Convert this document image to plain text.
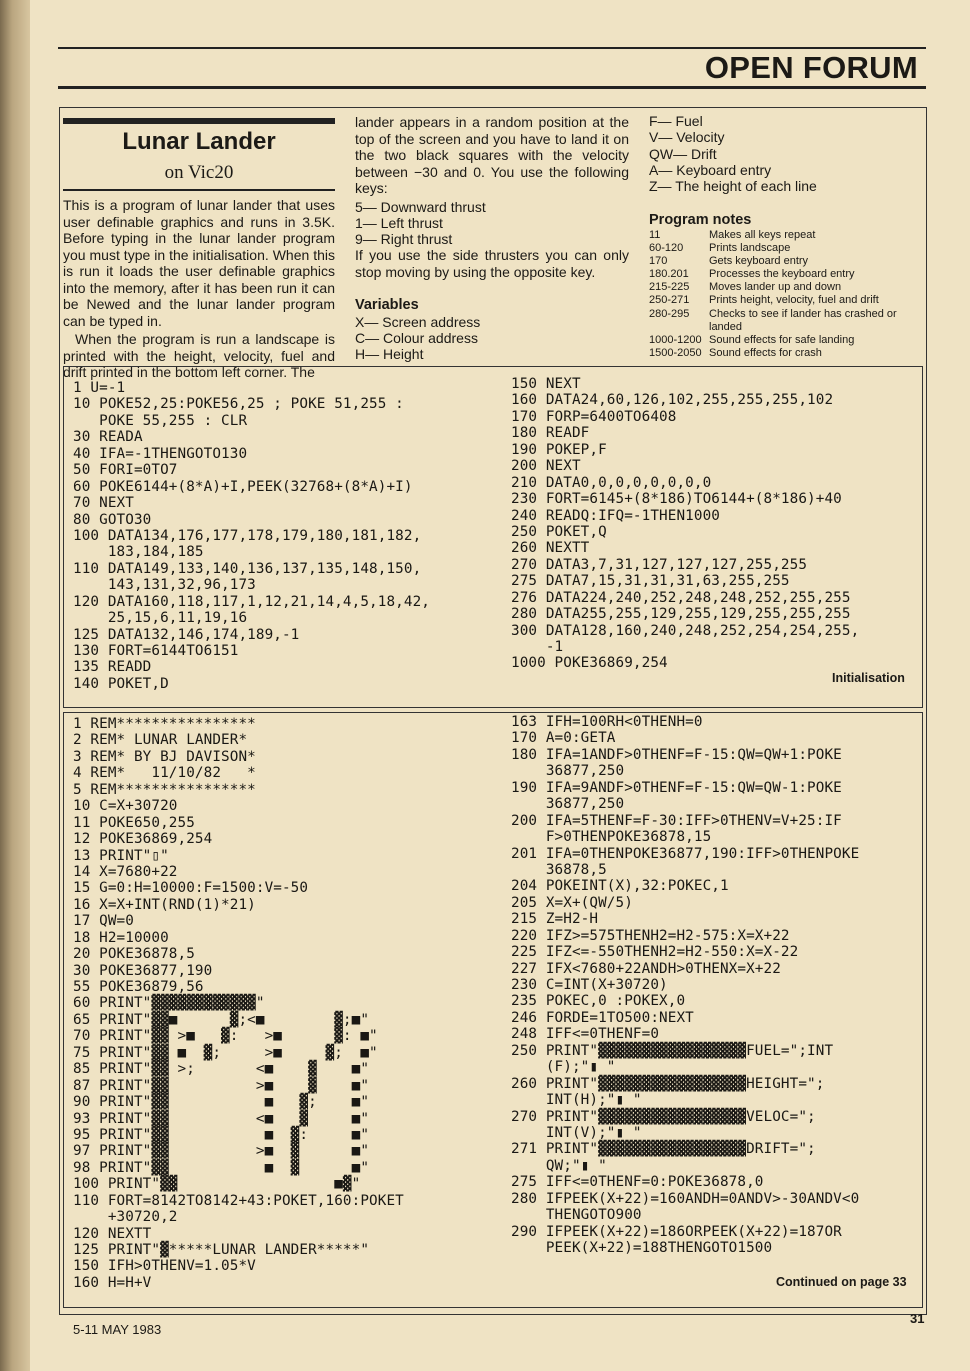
OPEN FORUM
Lunar Lander
on Vic20

This is a program of lunar lander that uses user definable graphics and runs in 3.5K. Before typing in the lunar lander program you must type in the initialisation. When this is run it loads the user definable graphics into the memory, after it has been run it can be Newed and the lunar lander program can be typed in.

When the program is run a landscape is printed with the height, velocity, fuel and drift printed in the bottom left corner. The

lander appears in a random position at the top of the screen and you have to land it on the two black squares with the velocity between −30 and 0. You use the following keys:

5— Downward thrust
1— Left thrust
9— Right thrust

If you use the side thrusters you can only stop moving by using the opposite key.

Variables
X— Screen address
C— Colour address
H— Height
F— Fuel
V— Velocity
QW— Drift
A— Keyboard entry
Z— The height of each line
Program notes
11	Makes all keys repeat
60-120	Prints landscape
170	Gets keyboard entry
180.201	Processes the keyboard entry
215-225	Moves lander up and down
250-271	Prints height, velocity, fuel and drift
280-295	Checks to see if lander has crashed or landed
1000-1200 Sound effects for safe landing
1500-2050 Sound effects for crash
1 U=-1
10 POKE52,25:POKE56,25 ; POKE 51,255 :
POKE 55,255 : CLR
30 READA
40 IFA=-1THENGOTO130
50 FORI=0TO7
60 POKE6144+(8*A)+I,PEEK(32768+(8*A)+I)
70 NEXT
80 GOTO30
100 DATA134,176,177,178,179,180,181,182,
183,184,185
110 DATA149,133,140,136,137,135,148,150,
143,131,32,96,173
120 DATA160,118,117,1,12,21,14,4,5,18,42,
25,15,6,11,19,16
125 DATA132,146,174,189,-1
130 FORT=6144TO6151
135 READD
140 POKET,D
150 NEXT
160 DATA24,60,126,102,255,255,255,102
170 FORP=6400TO6408
180 READF
190 POKEP,F
200 NEXT
210 DATA0,0,0,0,0,0,0,0
230 FORT=6145+(8*186)TO6144+(8*186)+40
240 READQ:IFQ=-1THEN1000
250 POKET,Q
260 NEXTT
270 DATA3,7,31,127,127,127,255,255
275 DATA7,15,31,31,31,63,255,255
276 DATA224,240,252,248,248,252,255,255
280 DATA255,255,129,255,129,255,255,255
300 DATA128,160,240,248,252,254,254,255,
-1
1000 POKE36869,254
Initialisation
1 REM****************
2 REM* LUNAR LANDER*
3 REM* BY BJ DAVISON*
4 REM*   11/10/82   *
5 REM****************
10 C=X+30720
11 POKE650,255
12 POKE36869,254
13 PRINT"▯"
14 X=7680+22
15 G=0:H=10000:F=1500:V=-50
16 X=X+INT(RND(1)*21)
17 QW=0
18 H2=10000
20 POKE36878,5
30 POKE36877,190
55 POKE36879,56
60 PRINT"▓▓▓▓▓▓▓▓▓▓▓▓"
65 PRINT"▓▓■      ▓;<■        ▓;■"
70 PRINT"▓▓ >■   ▓:   >■      ▓: ■"
75 PRINT"▓▓ ■  ▓;     >■     ▓;  ■"
85 PRINT"▓▓ >;       <■    ▓    ■"
87 PRINT"▓▓          >■    ▓    ■"
90 PRINT"▓▓           ■   ▓;    ■"
93 PRINT"▓▓          <■   ▓     ■"
95 PRINT"▓▓           ■  ▓:     ■"
97 PRINT"▓▓          >■  ▓      ■"
98 PRINT"▓▓           ■  ▓      ■"
100 PRINT"▓▓                  ■▓"
110 FORT=8142TO8142+43:POKET,160:POKET
+30720,2
120 NEXTT
125 PRINT"▓*****LUNAR LANDER*****"
150 IFH>0THENV=1.05*V
160 H=H+V
163 IFH=100RH<0THENH=0
170 A=0:GETA
180 IFA=1ANDF>0THENF=F-15:QW=QW+1:POKE
36877,250
190 IFA=9ANDF>0THENF=F-15:QW=QW-1:POKE
36877,250
200 IFA=5THENF=F-30:IFF>0THENV=V+25:IF
F>0THENPOKE36878,15
201 IFA=0THENPOKE36877,190:IFF>0THENPOKE
36878,5
204 POKEINT(X),32:POKEC,1
205 X=X+(QW/5)
215 Z=H2-H
220 IFZ>=575THENH2=H2-575:X=X+22
225 IFZ<=-550THENH2=H2-550:X=X-22
227 IFX<7680+22ANDH>0THENX=X+22
230 C=INT(X+30720)
235 POKEC,0 :POKEX,0
246 FORDE=1TO500:NEXT
248 IFF<=0THENF=0
250 PRINT"▓▓▓▓▓▓▓▓▓▓▓▓▓▓▓▓▓FUEL=";INT
(F);"▮ "
260 PRINT"▓▓▓▓▓▓▓▓▓▓▓▓▓▓▓▓▓HEIGHT=";
INT(H);"▮ "
270 PRINT"▓▓▓▓▓▓▓▓▓▓▓▓▓▓▓▓▓VELOC=";
INT(V);"▮ "
271 PRINT"▓▓▓▓▓▓▓▓▓▓▓▓▓▓▓▓▓DRIFT=";
QW;"▮ "
275 IFF<=0THENF=0:POKE36878,0
280 IFPEEK(X+22)=160ANDH=0ANDV>-30ANDV<0
THENGOTO900
290 IFPEEK(X+22)=186ORPEEK(X+22)=187OR
PEEK(X+22)=188THENGOTO1500
Continued on page 33
5-11 MAY 1983
31
